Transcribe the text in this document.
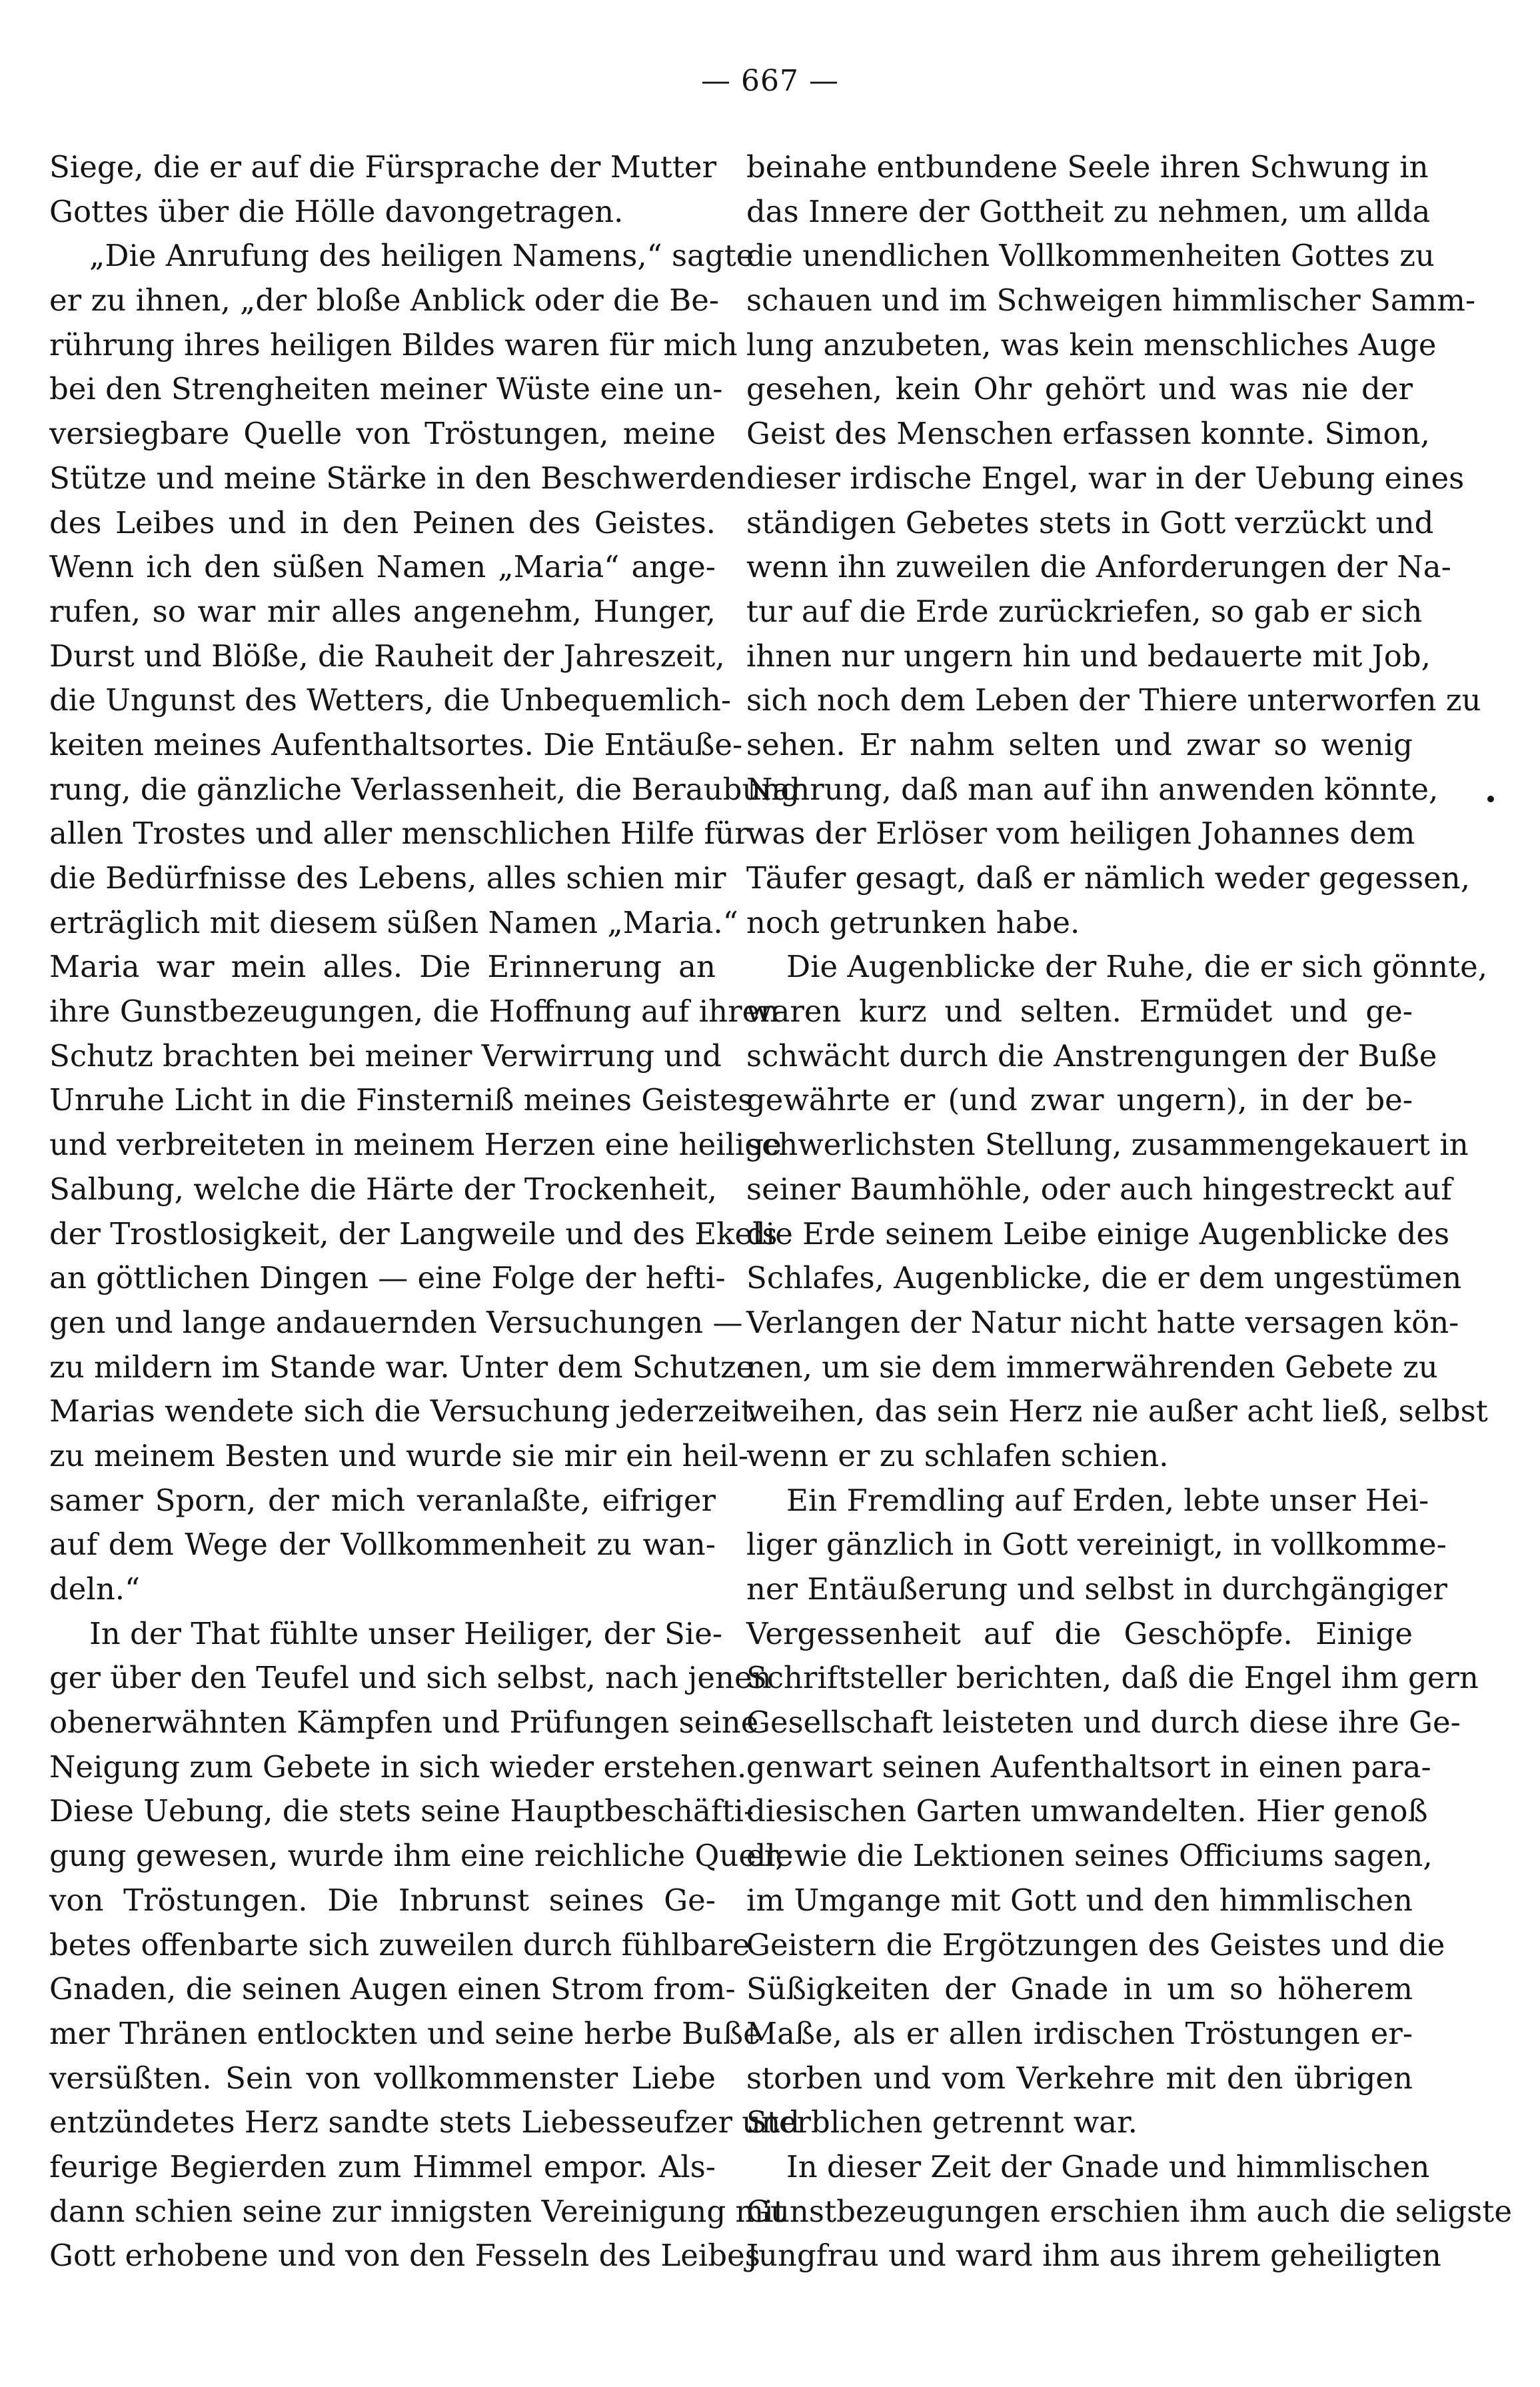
— 667 —
Siege, die er auf die Fürsprache der Mutter
Gottes über die Hölle davongetragen.
„Die Anrufung des heiligen Namens,“ sagte
er zu ihnen, „der bloße Anblick oder die Be-
rührung ihres heiligen Bildes waren für mich
bei den Strengheiten meiner Wüste eine un-
versiegbare Quelle von Tröstungen, meine
Stütze und meine Stärke in den Beschwerden
des Leibes und in den Peinen des Geistes.
Wenn ich den süßen Namen „Maria“ ange-
rufen, so war mir alles angenehm, Hunger,
Durst und Blöße, die Rauheit der Jahreszeit,
die Ungunst des Wetters, die Unbequemlich-
keiten meines Aufenthaltsortes. Die Entäuße-
rung, die gänzliche Verlassenheit, die Beraubung
allen Trostes und aller menschlichen Hilfe für
die Bedürfnisse des Lebens, alles schien mir
erträglich mit diesem süßen Namen „Maria.“
Maria war mein alles. Die Erinnerung an
ihre Gunstbezeugungen, die Hoffnung auf ihren
Schutz brachten bei meiner Verwirrung und
Unruhe Licht in die Finsterniß meines Geistes
und verbreiteten in meinem Herzen eine heilige
Salbung, welche die Härte der Trockenheit,
der Trostlosigkeit, der Langweile und des Ekels
an göttlichen Dingen — eine Folge der hefti-
gen und lange andauernden Versuchungen —
zu mildern im Stande war. Unter dem Schutze
Marias wendete sich die Versuchung jederzeit
zu meinem Besten und wurde sie mir ein heil-
samer Sporn, der mich veranlaßte, eifriger
auf dem Wege der Vollkommenheit zu wan-
deln.“
In der That fühlte unser Heiliger, der Sie-
ger über den Teufel und sich selbst, nach jenen
obenerwähnten Kämpfen und Prüfungen seine
Neigung zum Gebete in sich wieder erstehen.
Diese Uebung, die stets seine Hauptbeschäfti-
gung gewesen, wurde ihm eine reichliche Quelle
von Tröstungen. Die Inbrunst seines Ge-
betes offenbarte sich zuweilen durch fühlbare
Gnaden, die seinen Augen einen Strom from-
mer Thränen entlockten und seine herbe Buße
versüßten. Sein von vollkommenster Liebe
entzündetes Herz sandte stets Liebesseufzer und
feurige Begierden zum Himmel empor. Als-
dann schien seine zur innigsten Vereinigung mit
Gott erhobene und von den Fesseln des Leibes
beinahe entbundene Seele ihren Schwung in
das Innere der Gottheit zu nehmen, um allda
die unendlichen Vollkommenheiten Gottes zu
schauen und im Schweigen himmlischer Samm-
lung anzubeten, was kein menschliches Auge
gesehen, kein Ohr gehört und was nie der
Geist des Menschen erfassen konnte. Simon,
dieser irdische Engel, war in der Uebung eines
ständigen Gebetes stets in Gott verzückt und
wenn ihn zuweilen die Anforderungen der Na-
tur auf die Erde zurückriefen, so gab er sich
ihnen nur ungern hin und bedauerte mit Job,
sich noch dem Leben der Thiere unterworfen zu
sehen. Er nahm selten und zwar so wenig
Nahrung, daß man auf ihn anwenden könnte,
was der Erlöser vom heiligen Johannes dem
Täufer gesagt, daß er nämlich weder gegessen,
noch getrunken habe.
Die Augenblicke der Ruhe, die er sich gönnte,
waren kurz und selten. Ermüdet und ge-
schwächt durch die Anstrengungen der Buße
gewährte er (und zwar ungern), in der be-
schwerlichsten Stellung, zusammengekauert in
seiner Baumhöhle, oder auch hingestreckt auf
die Erde seinem Leibe einige Augenblicke des
Schlafes, Augenblicke, die er dem ungestümen
Verlangen der Natur nicht hatte versagen kön-
nen, um sie dem immerwährenden Gebete zu
weihen, das sein Herz nie außer acht ließ, selbst
wenn er zu schlafen schien.
Ein Fremdling auf Erden, lebte unser Hei-
liger gänzlich in Gott vereinigt, in vollkomme-
ner Entäußerung und selbst in durchgängiger
Vergessenheit auf die Geschöpfe. Einige
Schriftsteller berichten, daß die Engel ihm gern
Gesellschaft leisteten und durch diese ihre Ge-
genwart seinen Aufenthaltsort in einen para-
diesischen Garten umwandelten. Hier genoß
er, wie die Lektionen seines Officiums sagen,
im Umgange mit Gott und den himmlischen
Geistern die Ergötzungen des Geistes und die
Süßigkeiten der Gnade in um so höherem
Maße, als er allen irdischen Tröstungen er-
storben und vom Verkehre mit den übrigen
Sterblichen getrennt war.
In dieser Zeit der Gnade und himmlischen
Gunstbezeugungen erschien ihm auch die seligste
Jungfrau und ward ihm aus ihrem geheiligten
